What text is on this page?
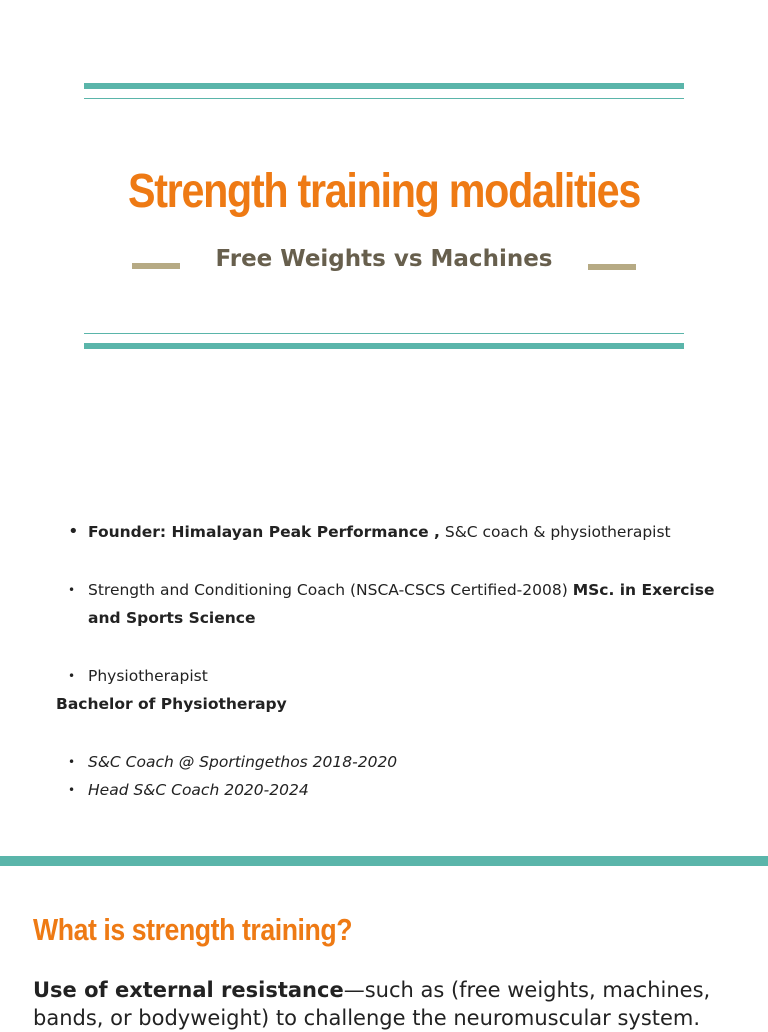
Strength training modalities
Free Weights vs Machines
• Founder: Himalayan Peak Performance , S&C coach & physiotherapist
• Strength and Conditioning Coach (NSCA-CSCS Certified-2008) MSc. in Exercise
and Sports Science
• Physiotherapist
Bachelor of Physiotherapy
• S&C Coach @ Sportingethos 2018-2020
• Head S&C Coach 2020-2024
What is strength training?
Use of external resistance—such as (free weights, machines, bands, or bodyweight) to challenge the neuromuscular system.
